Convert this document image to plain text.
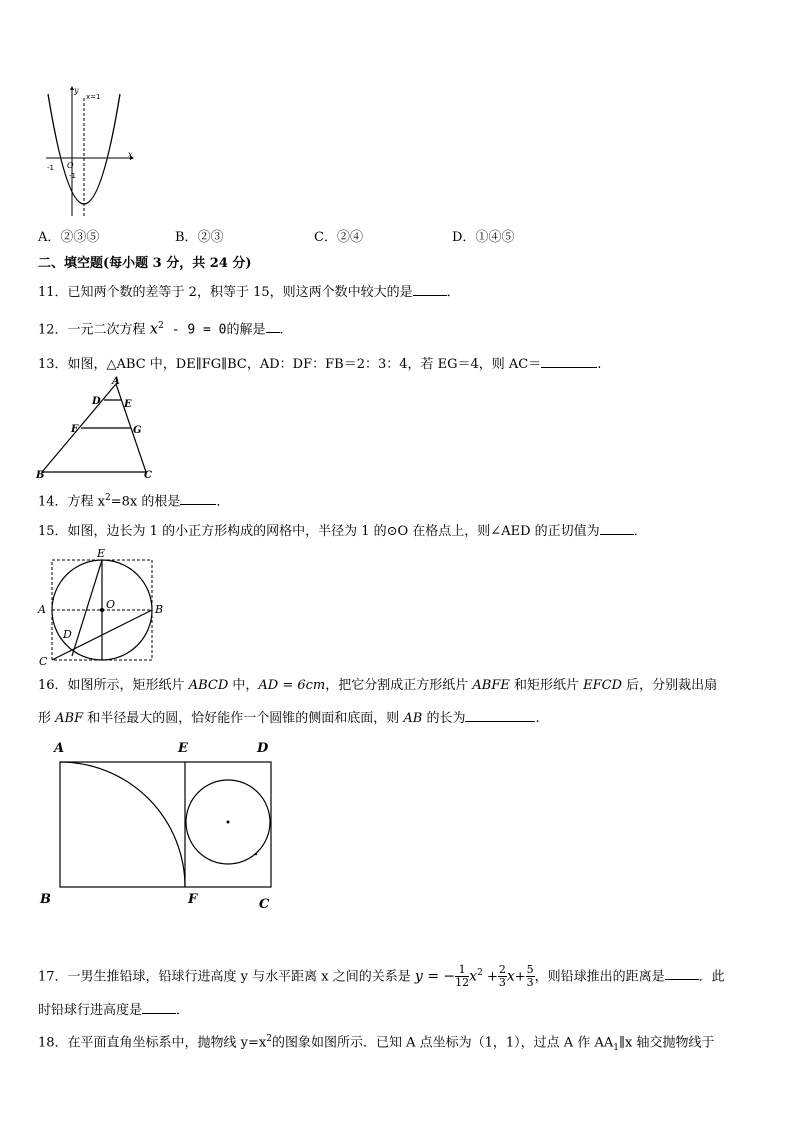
x
y
x=1
O
-1
-1
A．②③⑤	B．②③	C．②④	D．①④⑤
二、填空题(每小题 3 分，共 24 分)
11．已知两个数的差等于 2，积等于 15，则这两个数中较大的是	．
12．一元二次方程 $x^2 - 9 = 0$的解是 .
13．如图，△ABC 中，DE∥FG∥BC，AD：DF：FB＝2：3：4，若 EG＝4，则 AC＝	.
A
D E
F	G
B	C
14．方程 $x^2=8x$ 的根是	．
15．如图，边长为 1 的小正方形构成的网格中，半径为 1 的⊙O 在格点上，则∠AED 的正切值为	．
E
A	O	B
D
C
16．如图所示，矩形纸片 ABCD 中，AD = 6cm，把它分割成正方形纸片 ABFE 和矩形纸片 EFCD 后，分别裁出扇
形 ABF 和半径最大的圆，恰好能作一个圆锥的侧面和底面，则 AB 的长为	.
A	E	D
B	F	C
17．一男生推铅球，铅球行进高度 y 与水平距离 x 之间的关系是 y = − $\frac{1}{12} x^2 + \frac{2}{3} x+ \frac{5}{3}$ ，则铅球推出的距离是	．此
时铅球行进高度是	．
18．在平面直角坐标系中，抛物线 $y=x^2$的图象如图所示．已知 A 点坐标为（1，1），过点 A 作 $AA_1\parallel x$ 轴交抛物线于
